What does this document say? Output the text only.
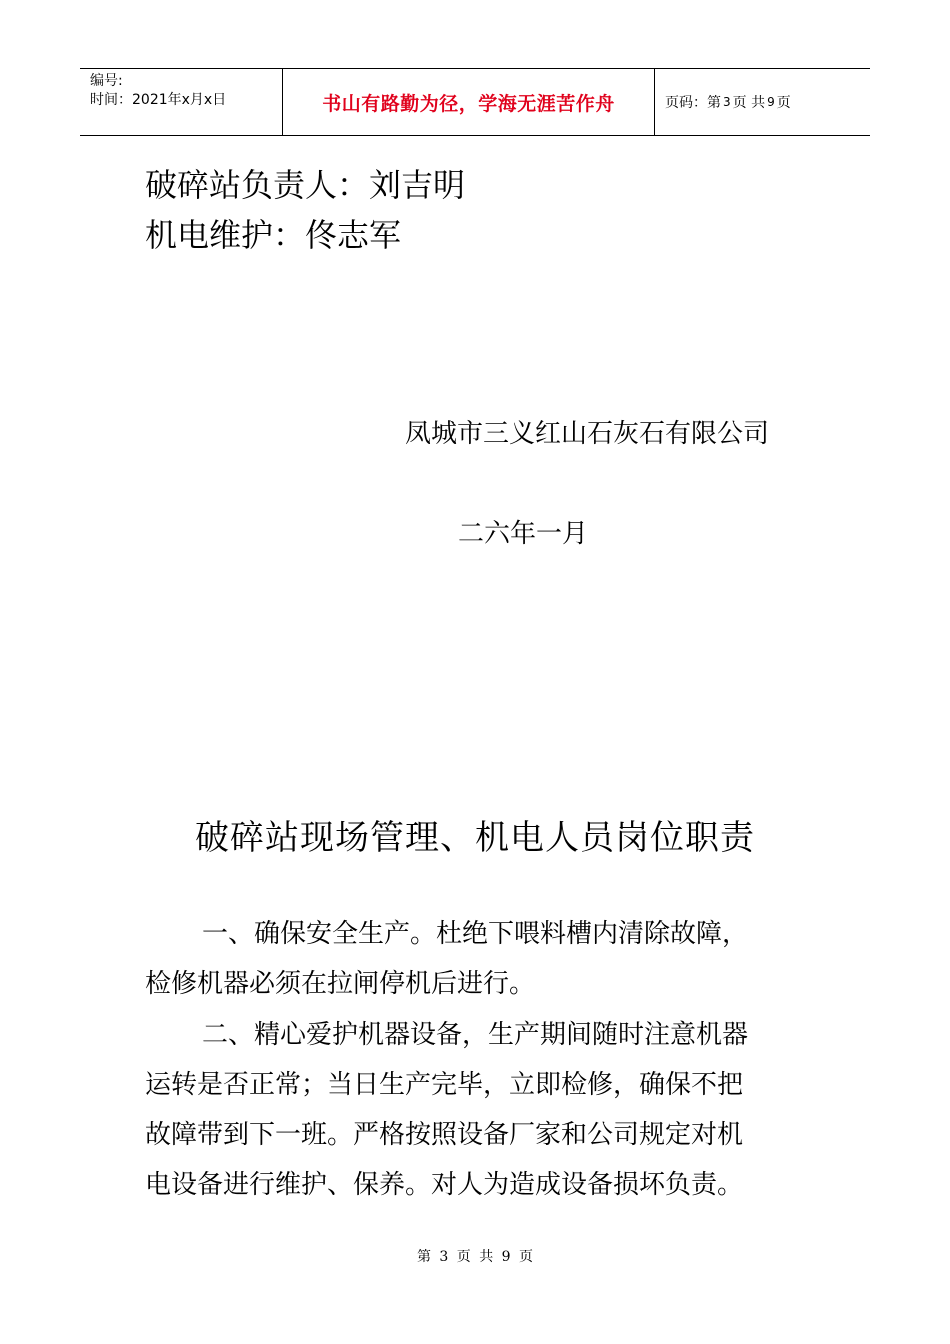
编号:
时间：2021年x月x日	书山有路勤为径，学海无涯苦作舟	页码：第 3 页 共 9 页
破碎站负责人：刘吉明
机电维护：佟志军
凤城市三义红山石灰石有限公司
二六年一月
破碎站现场管理、机电人员岗位职责
一、确保安全生产。杜绝下喂料槽内清除故障，
检修机器必须在拉闸停机后进行。
二、精心爱护机器设备，生产期间随时注意机器
运转是否正常；当日生产完毕，立即检修，确保不把
故障带到下一班。严格按照设备厂家和公司规定对机
电设备进行维护、保养。对人为造成设备损坏负责。
第 3 页 共 9 页
